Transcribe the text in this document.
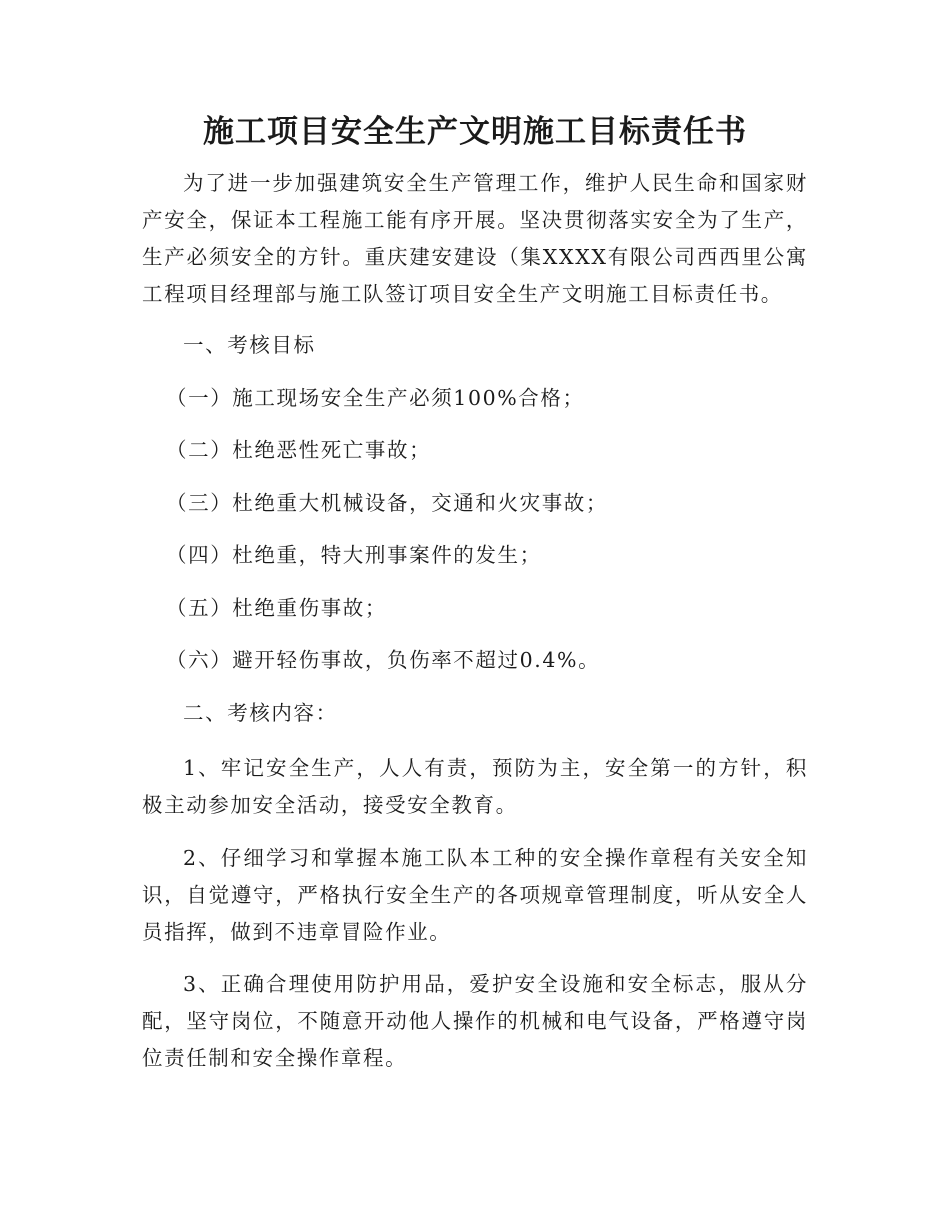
施工项目安全生产文明施工目标责任书

为了进一步加强建筑安全生产管理工作，维护人民生命和国家财产安全，保证本工程施工能有序开展。坚决贯彻落实安全为了生产，生产必须安全的方针。重庆建安建设（集XXXX有限公司西西里公寓工程项目经理部与施工队签订项目安全生产文明施工目标责任书。

一、考核目标

（一）施工现场安全生产必须100%合格；

（二）杜绝恶性死亡事故；

（三）杜绝重大机械设备，交通和火灾事故；

（四）杜绝重，特大刑事案件的发生；

（五）杜绝重伤事故；

（六）避开轻伤事故，负伤率不超过0.4%。

二、考核内容：

1、牢记安全生产，人人有责，预防为主，安全第一的方针，积极主动参加安全活动，接受安全教育。

2、仔细学习和掌握本施工队本工种的安全操作章程有关安全知识，自觉遵守，严格执行安全生产的各项规章管理制度，听从安全人员指挥，做到不违章冒险作业。

3、正确合理使用防护用品，爱护安全设施和安全标志，服从分配，坚守岗位，不随意开动他人操作的机械和电气设备，严格遵守岗位责任制和安全操作章程。
